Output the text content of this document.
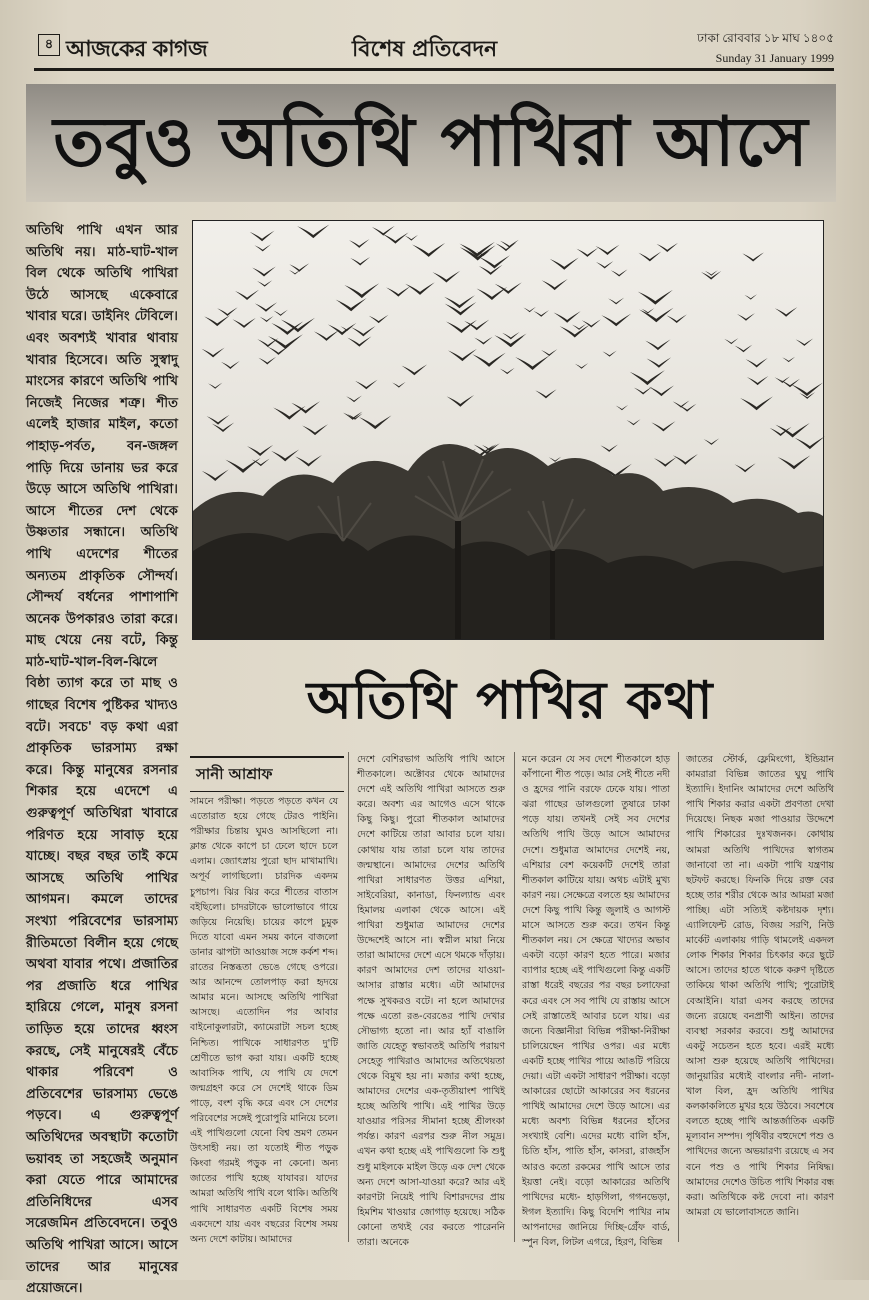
৪ আজকের কাগজ	বিশেষ প্রতিবেদন	ঢাকা রোববার ১৮ মাঘ ১৪০৫
Sunday 31 January 1999
তবুও অতিথি পাখিরা আসে
অতিথি পাখি এখন আর অতিথি নয়। মাঠ-ঘাট-খাল বিল থেকে অতিথি পাখিরা উঠে আসছে একেবারে খাবার ঘরে। ডাইনিং টেবিলে। এবং অবশ্যই খাবার থাবায় খাবার হিসেবে। অতি সুস্বাদু মাংসের কারণে অতিথি পাখি নিজেই নিজের শত্রু। শীত এলেই হাজার মাইল, কতো পাহাড়-পর্বত, বন-জঙ্গল পাড়ি দিয়ে ডানায় ভর করে উড়ে আসে অতিথি পাখিরা। আসে শীতের দেশ থেকে উষ্ণতার সন্ধানে। অতিথি পাখি এদেশের শীতের অন্যতম প্রাকৃতিক সৌন্দর্য। সৌন্দর্য বর্ধনের পাশাপাশি অনেক উপকারও তারা করে। মাছ খেয়ে নেয় বটে, কিন্তু মাঠ-ঘাট-খাল-বিল-ঝিলে বিষ্ঠা ত্যাগ করে তা মাছ ও গাছের বিশেষ পুষ্টিকর খাদ্যও বটে। সবচে' বড় কথা এরা প্রাকৃতিক ভারসাম্য রক্ষা করে। কিন্তু মানুষের রসনার শিকার হয়ে এদেশে এ গুরুত্বপূর্ণ অতিথিরা খাবারে পরিণত হয়ে সাবাড় হয়ে যাচ্ছে। বছর বছর তাই কমে আসছে অতিথি পাখির আগমন। কমলে তাদের সংখ্যা পরিবেশের ভারসাম্য রীতিমতো বিলীন হয়ে গেছে অথবা যাবার পথে। প্রজাতির পর প্রজাতি ধরে পাখির হারিয়ে গেলে, মানুষ রসনা তাড়িত হয়ে তাদের ধ্বংস করছে, সেই মানুষেরই বেঁচে থাকার পরিবেশ ও প্রতিবেশের ভারসাম্য ভেঙে পড়বে। এ গুরুত্বপূর্ণ অতিথিদের অবস্থাটা কতোটা ভয়াবহ তা সহজেই অনুমান করা যেতে পারে আমাদের প্রতিনিধিদের এসব সরেজমিন প্রতিবেদনে। তবুও অতিথি পাখিরা আসে। আসে তাদের আর মানুষের প্রয়োজনে।
অতিথি পাখির কথা
সানী আশ্রাফ
সামনে পরীক্ষা। পড়তে পড়তে কখন যে এতোরাত হয়ে গেছে টেরও পাইনি। পরীক্ষার চিন্তায় ঘুমও আসছিলো না। ক্লান্ত থেকে কাপে চা ঢেলে ছাদে চলে এলাম। জ্যোৎস্নায় পুরো ছাদ মাখামাখি। অপূর্ব লাগছিলো। চারদিক একদম চুপচাপ। ঝির ঝির করে শীতের বাতাস বইছিলো। চাদরটাকে ভালোভাবে গায়ে জড়িয়ে নিয়েছি। চায়ের কাপে চুমুক দিতে যাবো এমন সময় কানে বাজলো ডানার ঝাপটা আওয়াজ সঙ্গে কর্কশ শব্দ। রাতের নিস্তব্ধতা ভেঙে গেছে ওপরে। আর আনন্দে তোলপাড় করা হৃদয়ে আমার মনে। আসছে অতিথি পাখিরা আসছে। এতোদিন পর আবার বাইনোকুলারটা, ক্যামেরাটা সচল হচ্ছে নিশ্চিত। পাখিকে সাধারণত দু'টি শ্রেণীতে ভাগ করা যায়। একটি হচ্ছে আবাসিক পাখি, যে পাখি যে দেশে জন্মগ্রহণ করে সে দেশেই থাকে ডিম পাড়ে, বংশ বৃদ্ধি করে এবং সে দেশের পরিবেশের সঙ্গেই পুরোপুরি মানিয়ে চলে। এই পাখিগুলো যেনো বিশ্ব ভ্রমণ তেমন উৎসাহী নয়। তা যতোই শীত পড়ুক কিংবা গরমই পড়ুক না কেনো। অন্য জাতের পাখি হচ্ছে যাযাবর। যাদের আমরা অতিথি পাখি বলে থাকি। অতিথি পাখি সাধারণত একটি বিশেষ সময় একদেশে যায় এবং বছরের বিশেষ সময় অন্য দেশে কাটায়। আমাদের
দেশে বেশিরভাগ অতিথি পাখি আসে শীতকালে। অক্টোবর থেকে আমাদের দেশে এই অতিথি পাখিরা আসতে শুরু করে। অবশ্য এর আগেও এসে থাকে কিছু কিছু। পুরো শীতকাল আমাদের দেশে কাটিয়ে তারা আবার চলে যায়। কোথায় যায় তারা চলে যায় তাদের জন্মস্থানে। আমাদের দেশের অতিথি পাখিরা সাধারণত উত্তর এশিয়া, সাইবেরিয়া, কানাডা, ফিনল্যান্ড এবং হিমালয় এলাকা থেকে আসে। এই পাখিরা শুধুমাত্র আমাদের দেশের উদ্দেশেই আসে না। স্বপ্নীল মায়া নিয়ে তারা আমাদের দেশে এসে থমকে দাঁড়ায়। কারণ আমাদের দেশ তাদের যাওয়া-আসার রাস্তার মধ্যে। এটা আমাদের পক্ষে সুখকরও বটে। না হলে আমাদের পক্ষে এতো রঙ-বেরঙের পাখি দেখার সৌভাগ্য হতো না। আর হ্যাঁ বাঙালি জাতি যেহেতু স্বভাবতই অতিথি পরায়ণ সেহেতু পাখিরাও আমাদের অতিথেয়তা থেকে বিমুখ হয় না। মজার কথা হচ্ছে, আমাদের দেশের এক-তৃতীয়াংশ পাখিই হচ্ছে অতিথি পাখি। এই পাখির উড়ে যাওয়ার পরিসর সীমানা হচ্ছে শ্রীলংকা পর্যন্ত। কারণ এরপর শুরু নীল সমুদ্র। এখন কথা হচ্ছে এই পাখিগুলো কি শুধু শুধু মাইলকে মাইল উড়ে এক দেশ থেকে অন্য দেশে আসা-যাওয়া করে? আর এই কারণটা নিয়েই পাখি বিশারদদের প্রায় হিমশিম খাওয়ার জোগাড় হয়েছে। সঠিক কোনো তথ্যই বের করতে পারেননি তারা। অনেকে
মনে করেন যে সব দেশে শীতকালে হাড় কাঁপানো শীত পড়ে। আর সেই শীতে নদী ও হ্রদের পানি বরফে ঢেকে যায়। পাতা ঝরা গাছের ডালগুলো তুষারে ঢাকা পড়ে যায়। তখনই সেই সব দেশের অতিথি পাখি উড়ে আসে আমাদের দেশে। শুধুমাত্র আমাদের দেশেই নয়, এশিয়ার বেশ কয়েকটি দেশেই তারা শীতকাল কাটিয়ে যায়। অথচ এটাই মুখ্য কারণ নয়। সেক্ষেত্রে বলতে হয় আমাদের দেশে কিছু পাখি কিন্তু জুলাই ও আগস্ট মাসে আসতে শুরু করে। তখন কিন্তু শীতকাল নয়। সে ক্ষেত্রে খাদ্যের অভাব একটা বড়ো কারণ হতে পারে। মজার ব্যাপার হচ্ছে এই পাখিগুলো কিন্তু একটি রাস্তা ধরেই বছরের পর বছর চলাফেরা করে এবং সে সব পাখি যে রাস্তায় আসে সেই রাস্তাতেই আবার চলে যায়। এর জন্যে বিজ্ঞানীরা বিভিন্ন পরীক্ষা-নিরীক্ষা চালিয়েছেন পাখির ওপর। এর মধ্যে একটি হচ্ছে পাখির পায়ে আঙটি পরিয়ে দেয়া। এটা একটা সাধারণ পরীক্ষা। বড়ো আকারের ছোটো আকারের সব ধরনের পাখিই আমাদের দেশে উড়ে আসে। এর মধ্যে অবশ্য বিভিন্ন ধরনের হাঁসের সংখ্যাই বেশি। এদের মধ্যে বালি হাঁস, চিতি হাঁস, পাতি হাঁস, কাসরা, রাজহাঁস আরও কতো রকমের পাখি আসে তার ইয়ত্তা নেই। বড়ো আকারের অতিথি পাখিদের মধ্যে- হাড়গিলা, গগনভেড়া, ঈগল ইত্যাদি। কিছু বিদেশি পাখির নাম আপনাদের জানিয়ে দিচ্ছি-গ্রেঁফ বার্ড, স্পুন বিল, লিটল এগরে, হিরণ, বিভিন্ন
জাতের স্টোর্ক, ফ্লেমিংগো, ইন্ডিয়ান কামরারা বিভিন্ন জাতের ঘুঘু পাখি ইত্যাদি। ইদানিং আমাদের দেশে অতিথি পাখি শিকার করার একটা প্রবণতা দেখা দিয়েছে। নিছক মজা পাওয়ার উদ্দেশে পাখি শিকারের দুঃখজনক। কোথায় আমরা অতিথি পাখিদের স্বাগতম জানাবো তা না। একটা পাখি যন্ত্রণায় ছটফট করছে। ফিনকি দিয়ে রক্ত বের হচ্ছে তার শরীর থেকে আর আমরা মজা পাচ্ছি। এটা সত্যিই কষ্টদায়ক দৃশ্য। এ্যালিফেন্ট রোড, বিজয় সরণি, নিউ মার্কেট এলাকায় গাড়ি থামলেই একদল লোক শিকার শিকার চিৎকার করে ছুটে আসে। তাদের হাতে থাকে করুণ দৃষ্টিতে তাকিয়ে থাকা অতিথি পাখি; পুরোটাই বেআইনি। যারা এসব করছে তাদের জন্যে রয়েছে বনপ্রাণী আইন। তাদের ব্যবস্থা সরকার করবে। শুধু আমাদের একটু সচেতন হতে হবে। এরই মধ্যে আসা শুরু হয়েছে অতিথি পাখিদের। জানুয়ারির মধ্যেই বাংলার নদী- নালা-খাল বিল, হ্রদ অতিথি পাখির কলকাকলিতে মুখর হয়ে উঠবে। সবশেষে বলতে হচ্ছে পাখি আন্তর্জাতিক একটি মূল্যবান সম্পদ। পৃথিবীর বহুদেশে পশু ও পাখিদের জন্যে অভয়ারণ্য রয়েছে এ সব বনে পশু ও পাখি শিকার নিষিদ্ধ। আমাদের দেশেও উচিত পাখি শিকার বন্ধ করা। অতিথিকে কষ্ট দেবো না। কারণ আমরা যে ভালোবাসতে জানি।
